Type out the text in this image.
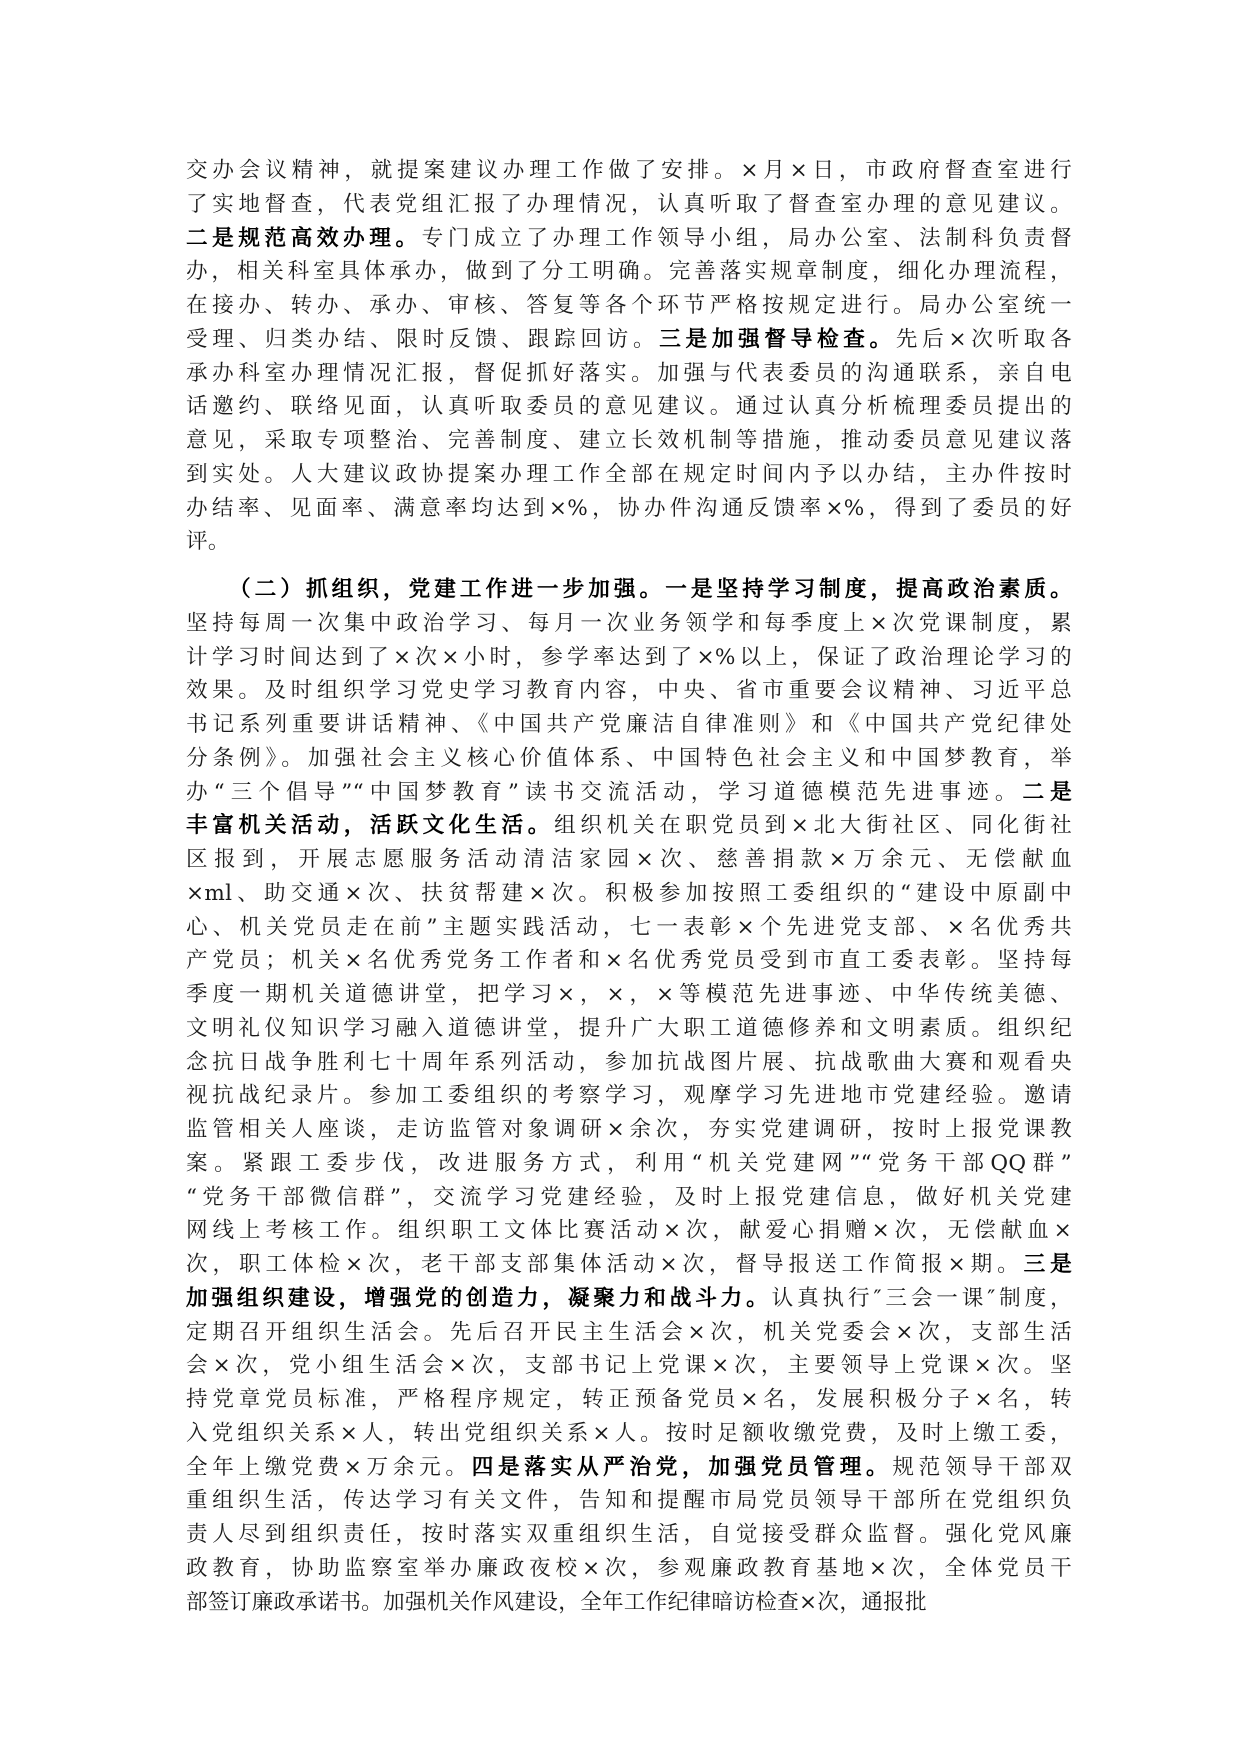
交办会议精神，就提案建议办理工作做了安排。×月×日，市政府督查室进行
了实地督查，代表党组汇报了办理情况，认真听取了督查室办理的意见建议。
二是规范高效办理。专门成立了办理工作领导小组，局办公室、法制科负责督
办，相关科室具体承办，做到了分工明确。完善落实规章制度，细化办理流程，
在接办、转办、承办、审核、答复等各个环节严格按规定进行。局办公室统一
受理、归类办结、限时反馈、跟踪回访。三是加强督导检查。先后×次听取各
承办科室办理情况汇报，督促抓好落实。加强与代表委员的沟通联系，亲自电
话邀约、联络见面，认真听取委员的意见建议。通过认真分析梳理委员提出的
意见，采取专项整治、完善制度、建立长效机制等措施，推动委员意见建议落
到实处。人大建议政协提案办理工作全部在规定时间内予以办结，主办件按时
办结率、见面率、满意率均达到×%，协办件沟通反馈率×%，得到了委员的好
评。
（二）抓组织，党建工作进一步加强。一是坚持学习制度，提高政治素质。
坚持每周一次集中政治学习、每月一次业务领学和每季度上×次党课制度，累
计学习时间达到了×次×小时，参学率达到了×%以上，保证了政治理论学习的
效果。及时组织学习党史学习教育内容，中央、省市重要会议精神、习近平总
书记系列重要讲话精神、《中国共产党廉洁自律准则》和《中国共产党纪律处
分条例》。加强社会主义核心价值体系、中国特色社会主义和中国梦教育，举
办“三个倡导”“中国梦教育”读书交流活动，学习道德模范先进事迹。二是
丰富机关活动，活跃文化生活。组织机关在职党员到×北大街社区、同化街社
区报到，开展志愿服务活动清洁家园×次、慈善捐款×万余元、无偿献血
×ml、助交通×次、扶贫帮建×次。积极参加按照工委组织的“建设中原副中
心、机关党员走在前”主题实践活动，七一表彰×个先进党支部、×名优秀共
产党员；机关×名优秀党务工作者和×名优秀党员受到市直工委表彰。坚持每
季度一期机关道德讲堂，把学习×，×，×等模范先进事迹、中华传统美德、
文明礼仪知识学习融入道德讲堂，提升广大职工道德修养和文明素质。组织纪
念抗日战争胜利七十周年系列活动，参加抗战图片展、抗战歌曲大赛和观看央
视抗战纪录片。参加工委组织的考察学习，观摩学习先进地市党建经验。邀请
监管相关人座谈，走访监管对象调研×余次，夯实党建调研，按时上报党课教
案。紧跟工委步伐，改进服务方式，利用“机关党建网”“党务干部QQ群”
“党务干部微信群”，交流学习党建经验，及时上报党建信息，做好机关党建
网线上考核工作。组织职工文体比赛活动×次，献爱心捐赠×次，无偿献血×
次，职工体检×次，老干部支部集体活动×次，督导报送工作简报×期。三是
加强组织建设，增强党的创造力，凝聚力和战斗力。认真执行″三会一课″制度，
定期召开组织生活会。先后召开民主生活会×次，机关党委会×次，支部生活
会×次，党小组生活会×次，支部书记上党课×次，主要领导上党课×次。坚
持党章党员标准，严格程序规定，转正预备党员×名，发展积极分子×名，转
入党组织关系×人，转出党组织关系×人。按时足额收缴党费，及时上缴工委，
全年上缴党费×万余元。四是落实从严治党，加强党员管理。规范领导干部双
重组织生活，传达学习有关文件，告知和提醒市局党员领导干部所在党组织负
责人尽到组织责任，按时落实双重组织生活，自觉接受群众监督。强化党风廉
政教育，协助监察室举办廉政夜校×次，参观廉政教育基地×次，全体党员干
部签订廉政承诺书。加强机关作风建设，全年工作纪律暗访检查×次，通报批
